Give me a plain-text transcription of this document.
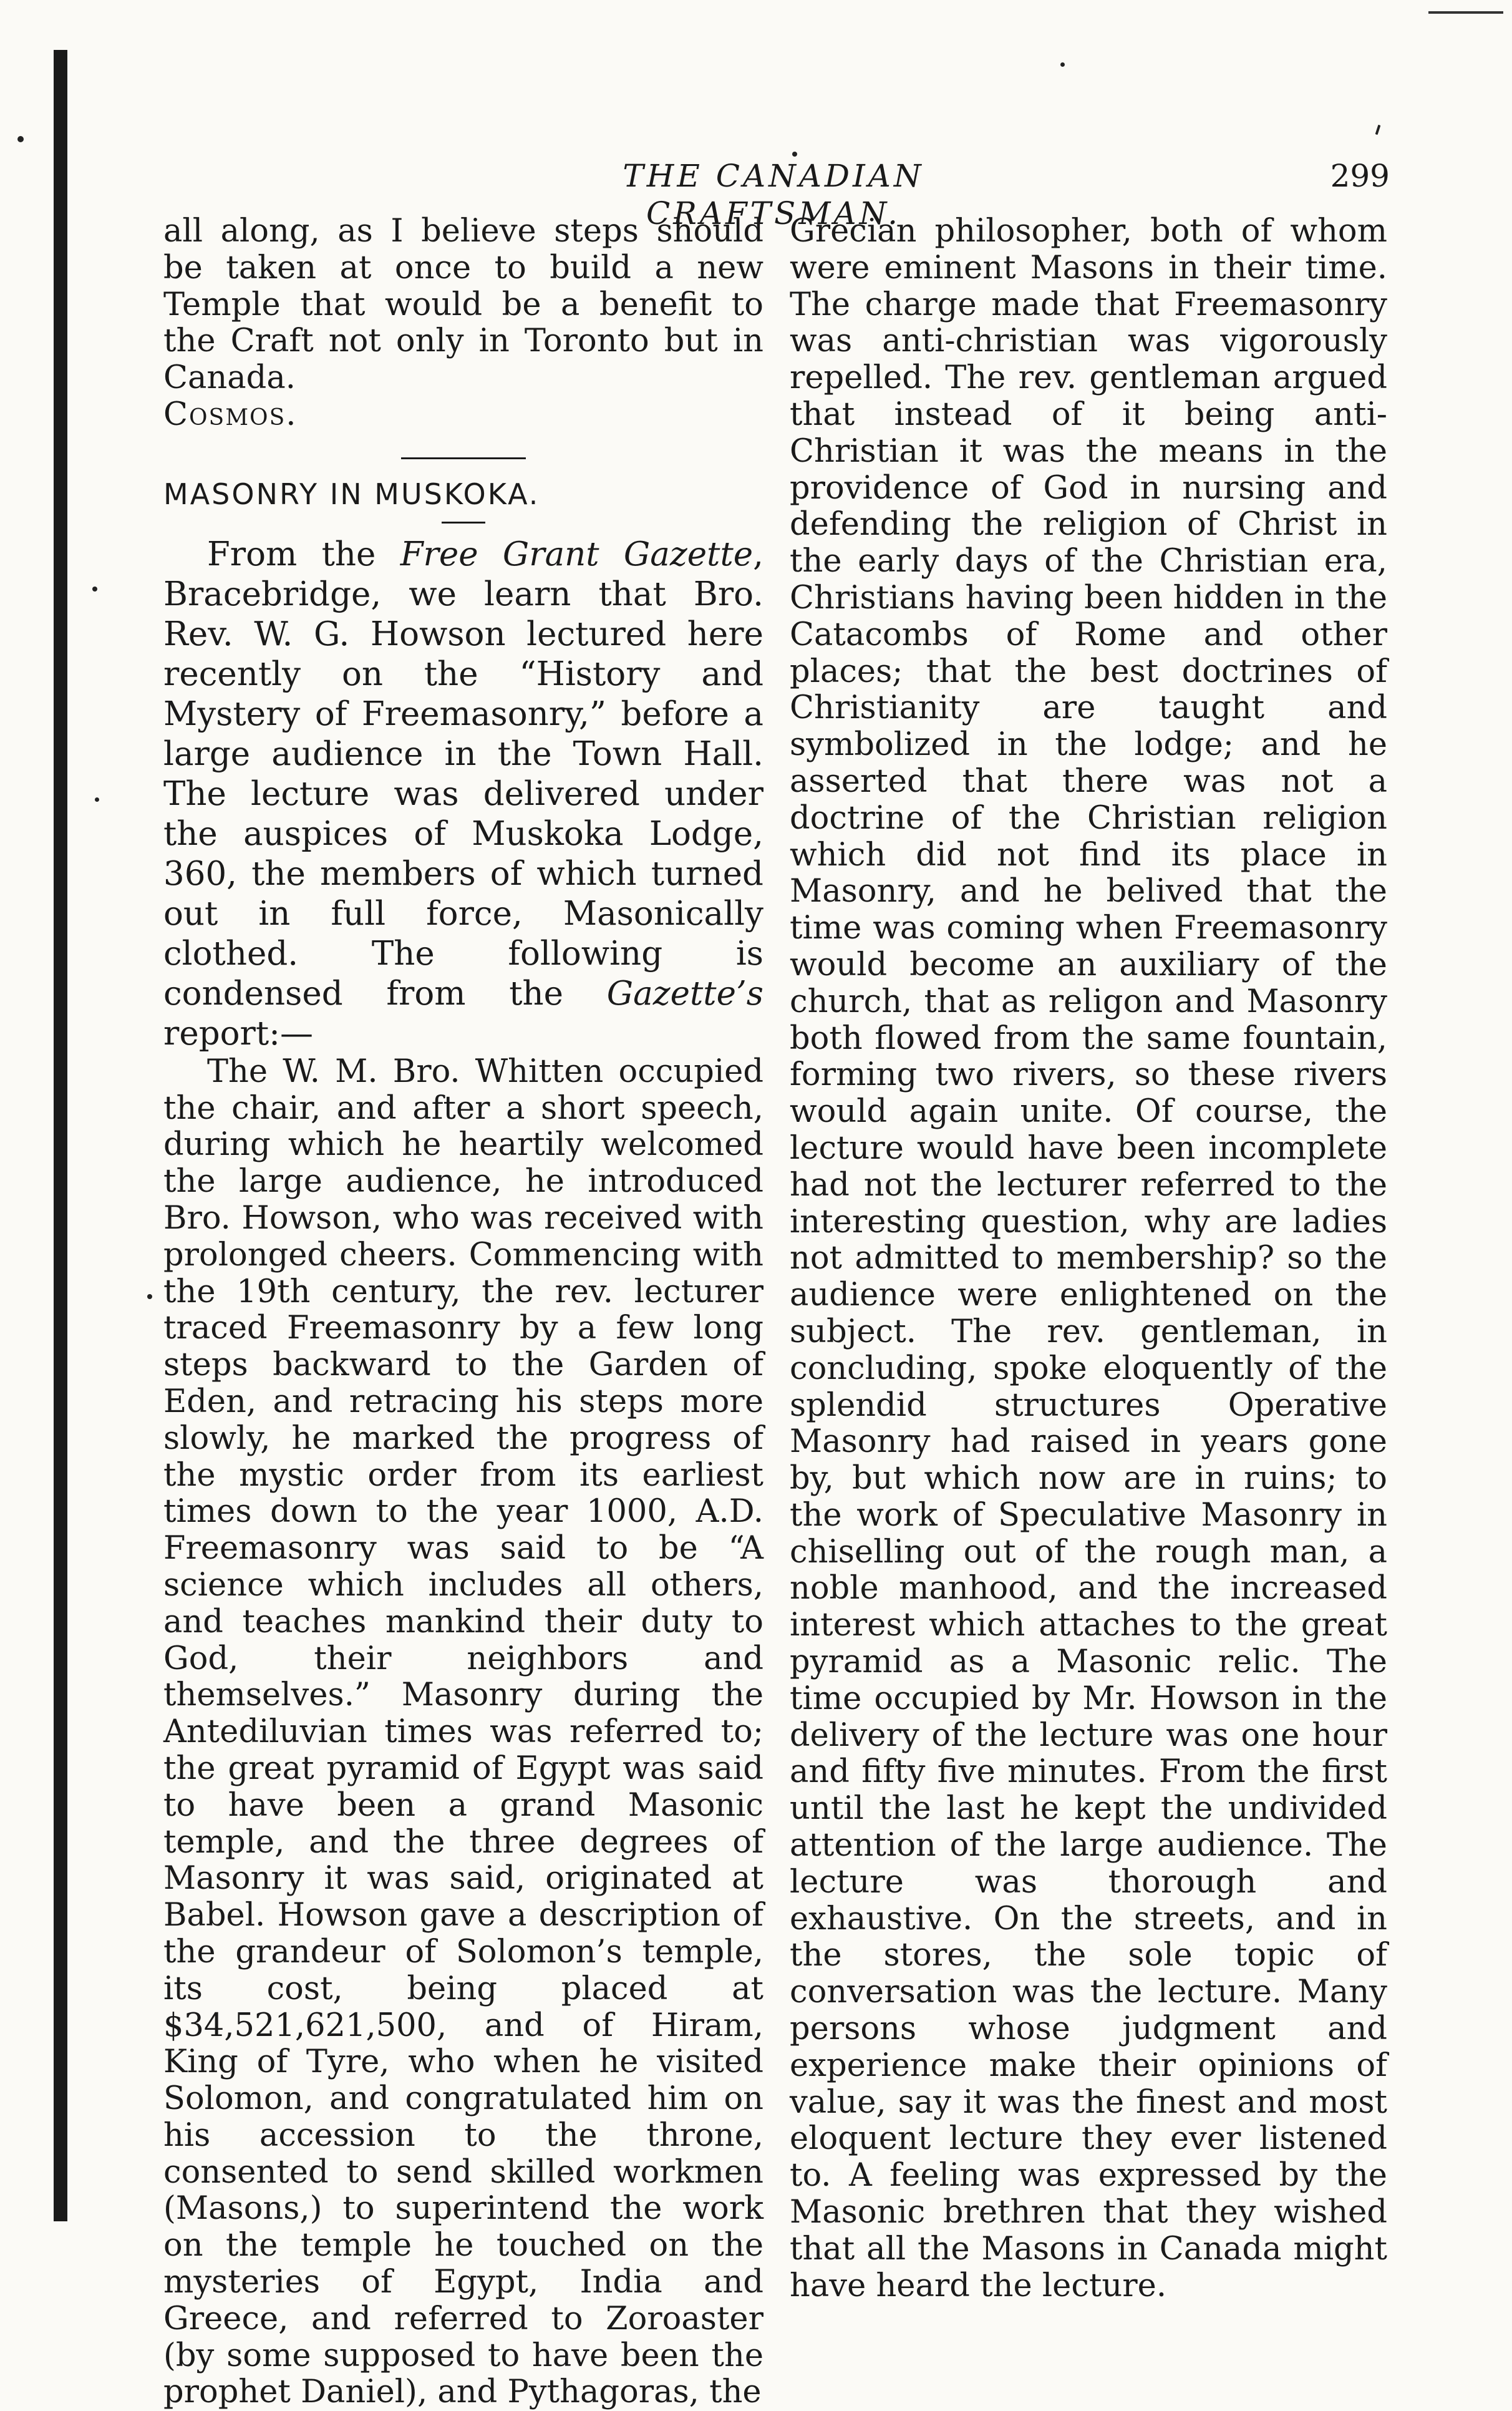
THE CANADIAN CRAFTSMAN.
299

all along, as I believe steps should be taken at once to build a new Temple that would be a benefit to the Craft not only in Toronto but in Canada.

Cosmos.

MASONRY IN MUSKOKA.

From the Free Grant Gazette, Bracebridge, we learn that Bro. Rev. W. G. Howson lectured here recently on the “History and Mystery of Freemasonry,” before a large audience in the Town Hall. The lecture was delivered under the auspices of Muskoka Lodge, 360, the members of which turned out in full force, Masonically clothed. The following is condensed from the Gazette’s report:—

The W. M. Bro. Whitten occupied the chair, and after a short speech, during which he heartily welcomed the large audience, he introduced Bro. Howson, who was received with prolonged cheers. Commencing with the 19th century, the rev. lecturer traced Freemasonry by a few long steps backward to the Garden of Eden, and retracing his steps more slowly, he marked the progress of the mystic order from its earliest times down to the year 1000, A.D. Freemasonry was said to be “A science which includes all others, and teaches mankind their duty to God, their neighbors and themselves.” Masonry during the Antediluvian times was referred to; the great pyramid of Egypt was said to have been a grand Masonic temple, and the three degrees of Masonry it was said, originated at Babel. Howson gave a description of the grandeur of Solomon’s temple, its cost, being placed at $34,521,621,500, and of Hiram, King of Tyre, who when he visited Solomon, and congratulated him on his accession to the throne, consented to send skilled workmen (Masons,) to superintend the work on the temple he touched on the mysteries of Egypt, India and Greece, and referred to Zoroaster (by some supposed to have been the prophet Daniel), and Pythagoras, the

Grecian philosopher, both of whom were eminent Masons in their time. The charge made that Freemasonry was anti-christian was vigorously repelled. The rev. gentleman argued that instead of it being anti-Christian it was the means in the providence of God in nursing and defending the religion of Christ in the early days of the Christian era, Christians having been hidden in the Catacombs of Rome and other places; that the best doctrines of Christianity are taught and symbolized in the lodge; and he asserted that there was not a doctrine of the Christian religion which did not find its place in Masonry, and he belived that the time was coming when Freemasonry would become an auxiliary of the church, that as religon and Masonry both flowed from the same fountain, forming two rivers, so these rivers would again unite. Of course, the lecture would have been incomplete had not the lecturer referred to the interesting question, why are ladies not admitted to membership? so the audience were enlightened on the subject. The rev. gentleman, in concluding, spoke eloquently of the splendid structures Operative Masonry had raised in years gone by, but which now are in ruins; to the work of Speculative Masonry in chiselling out of the rough man, a noble manhood, and the increased interest which attaches to the great pyramid as a Masonic relic. The time occupied by Mr. Howson in the delivery of the lecture was one hour and fifty five minutes. From the first until the last he kept the undivided attention of the large audience. The lecture was thorough and exhaustive. On the streets, and in the stores, the sole topic of conversation was the lecture. Many persons whose judgment and experience make their opinions of value, say it was the finest and most eloquent lecture they ever listened to. A feeling was expressed by the Masonic brethren that they wished that all the Masons in Canada might have heard the lecture.
